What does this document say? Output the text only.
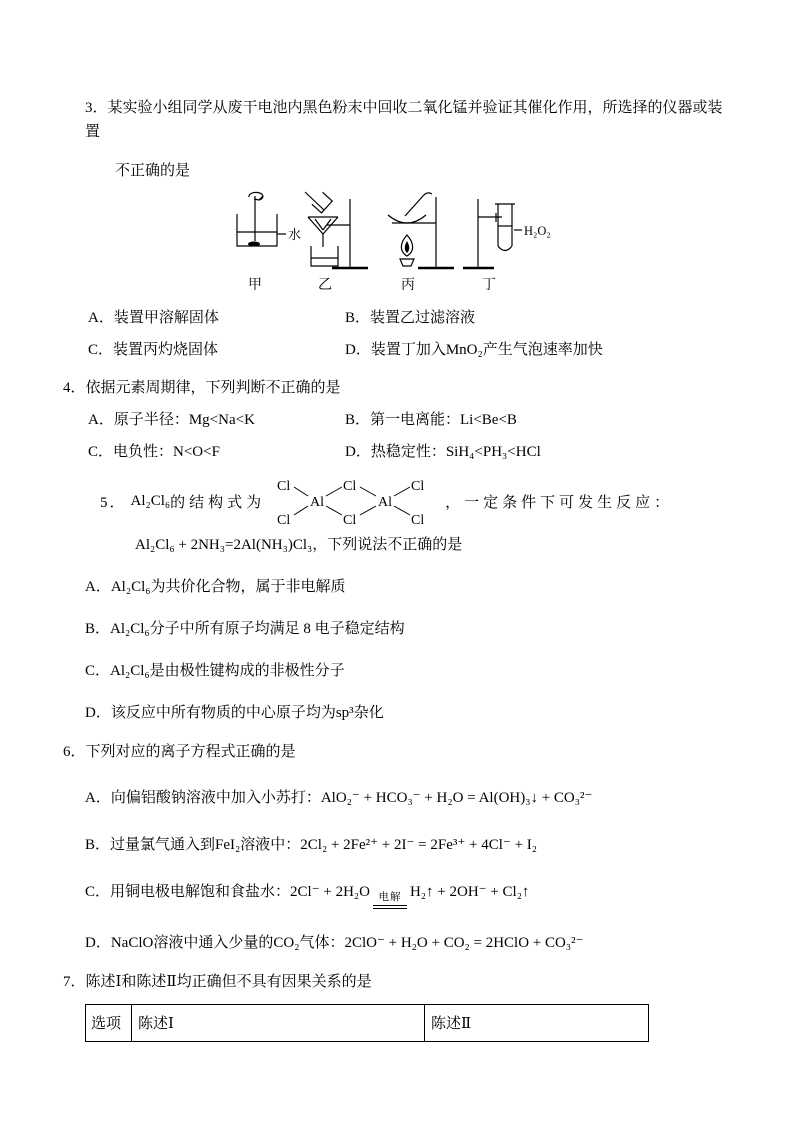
3．某实验小组同学从废干电池内黑色粉末中回收二氧化锰并验证其催化作用，所选择的仪器或装置
不正确的是
水	H₂O₂
甲	乙	丙	丁
A．装置甲溶解固体	B．装置乙过滤溶液
C．装置丙灼烧固体	D．装置丁加入MnO₂产生气泡速率加快
4．依据元素周期律，下列判断不正确的是
A．原子半径：Mg<Na<K	B．第一电离能：Li<Be<B
C．电负性：N<O<F	D．热稳定性：SiH₄<PH₃<HCl
5． Al₂Cl₆ 的结构式为
Cl	Cl	Cl
Al	Al
Cl	Cl	Cl
，一定条件下可发生反应：
Al₂Cl₆ + 2NH₃=2Al(NH₃)Cl₃，下列说法不正确的是
A．Al₂Cl₆为共价化合物，属于非电解质
B．Al₂Cl₆分子中所有原子均满足 8 电子稳定结构
C．Al₂Cl₆是由极性键构成的非极性分子
D．该反应中所有物质的中心原子均为sp³杂化
6．下列对应的离子方程式正确的是
A．向偏铝酸钠溶液中加入小苏打：AlO₂⁻ + HCO₃⁻ + H₂O = Al(OH)₃↓ + CO₃²⁻
B．过量氯气通入到FeI₂溶液中：2Cl₂ + 2Fe²⁺ + 2I⁻ = 2Fe³⁺ + 4Cl⁻ + I₂
C．用铜电极电解饱和食盐水：2Cl⁻ + 2H₂O 电解 H₂↑ + 2OH⁻ + Cl₂↑
D．NaClO溶液中通入少量的CO₂气体：2ClO⁻ + H₂O + CO₂ = 2HClO + CO₃²⁻
7．陈述Ⅰ和陈述Ⅱ均正确但不具有因果关系的是
选项	陈述Ⅰ	陈述Ⅱ
